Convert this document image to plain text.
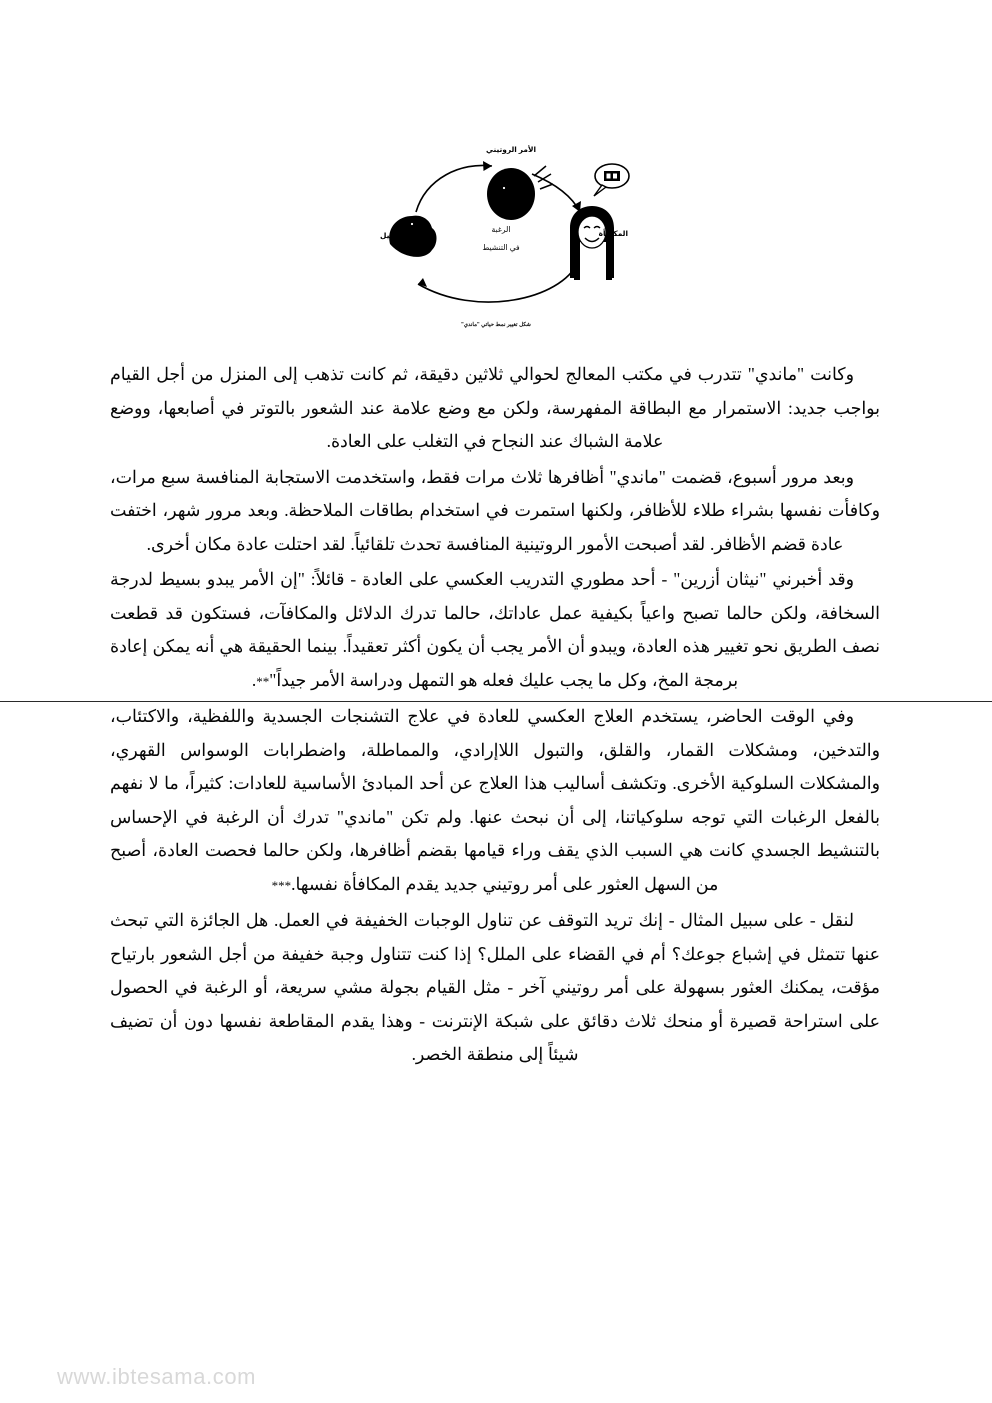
الأمر الروتيني
الدليل	المكافأة
الرغبة
في التنشيط
شكل تغيير نمط حياتي "ماندي"

وكانت "ماندي" تتدرب في مكتب المعالج لحوالي ثلاثين دقيقة، ثم كانت تذهب إلى المنزل من أجل القيام بواجب جديد: الاستمرار مع البطاقة المفهرسة، ولكن مع وضع علامة عند الشعور بالتوتر في أصابعها، ووضع علامة الشباك عند النجاح في التغلب على العادة.

وبعد مرور أسبوع، قضمت "ماندي" أظافرها ثلاث مرات فقط، واستخدمت الاستجابة المنافسة سبع مرات، وكافأت نفسها بشراء طلاء للأظافر، ولكنها استمرت في استخدام بطاقات الملاحظة. وبعد مرور شهر، اختفت عادة قضم الأظافر. لقد أصبحت الأمور الروتينية المنافسة تحدث تلقائياً. لقد احتلت عادة مكان أخرى.

وقد أخبرني "نيثان أزرين" - أحد مطوري التدريب العكسي على العادة - قائلاً: "إن الأمر يبدو بسيط لدرجة السخافة، ولكن حالما تصبح واعياً بكيفية عمل عاداتك، حالما تدرك الدلائل والمكافآت، فستكون قد قطعت نصف الطريق نحو تغيير هذه العادة، ويبدو أن الأمر يجب أن يكون أكثر تعقيداً. بينما الحقيقة هي أنه يمكن إعادة برمجة المخ، وكل ما يجب عليك فعله هو التمهل ودراسة الأمر جيداً"**.

وفي الوقت الحاضر، يستخدم العلاج العكسي للعادة في علاج التشنجات الجسدية واللفظية، والاكتئاب، والتدخين، ومشكلات القمار، والقلق، والتبول اللاإرادي، والمماطلة، واضطرابات الوسواس القهري، والمشكلات السلوكية الأخرى. وتكشف أساليب هذا العلاج عن أحد المبادئ الأساسية للعادات: كثيراً، ما لا نفهم بالفعل الرغبات التي توجه سلوكياتنا، إلى أن نبحث عنها. ولم تكن "ماندي" تدرك أن الرغبة في الإحساس بالتنشيط الجسدي كانت هي السبب الذي يقف وراء قيامها بقضم أظافرها، ولكن حالما فحصت العادة، أصبح من السهل العثور على أمر روتيني جديد يقدم المكافأة نفسها.***

لنقل - على سبيل المثال - إنك تريد التوقف عن تناول الوجبات الخفيفة في العمل. هل الجائزة التي تبحث عنها تتمثل في إشباع جوعك؟ أم في القضاء على الملل؟ إذا كنت تتناول وجبة خفيفة من أجل الشعور بارتياح مؤقت، يمكنك العثور بسهولة على أمر روتيني آخر - مثل القيام بجولة مشي سريعة، أو الرغبة في الحصول على استراحة قصيرة أو منحك ثلاث دقائق على شبكة الإنترنت - وهذا يقدم المقاطعة نفسها دون أن تضيف شيئاً إلى منطقة الخصر.

www.ibtesama.com
